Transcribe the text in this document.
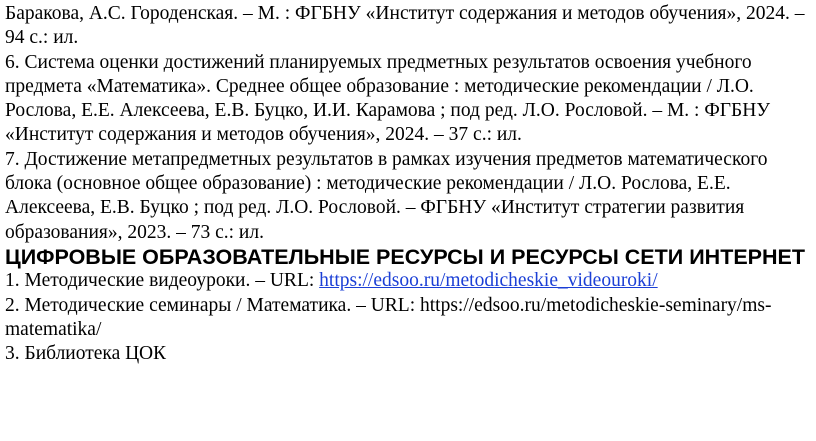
Баракова, А.С. Городенская. – М. : ФГБНУ «Институт содержания и методов обучения», 2024. – 94 с.: ил.

6. Система оценки достижений планируемых предметных результатов освоения учебного предмета «Математика». Среднее общее образование : методические рекомендации / Л.О. Рослова, Е.Е. Алексеева, Е.В. Буцко, И.И. Карамова ; под ред. Л.О. Рословой. – М. : ФГБНУ «Институт содержания и методов обучения», 2024. – 37 с.: ил.

7. Достижение метапредметных результатов в рамках изучения предметов математического блока (основное общее образование) : методические рекомендации / Л.О. Рослова, Е.Е. Алексеева, Е.В. Буцко ; под ред. Л.О. Рословой. – ФГБНУ «Институт стратегии развития образования», 2023. – 73 с.: ил.

ЦИФРОВЫЕ ОБРАЗОВАТЕЛЬНЫЕ РЕСУРСЫ И РЕСУРСЫ СЕТИ ИНТЕРНЕТ

1. Методические видеоуроки. – URL: https://edsoo.ru/metodicheskie_videouroki/

2. Методические семинары / Математика. – URL: https://edsoo.ru/metodicheskie-seminary/ms-matematika/

3. Библиотека ЦОК
